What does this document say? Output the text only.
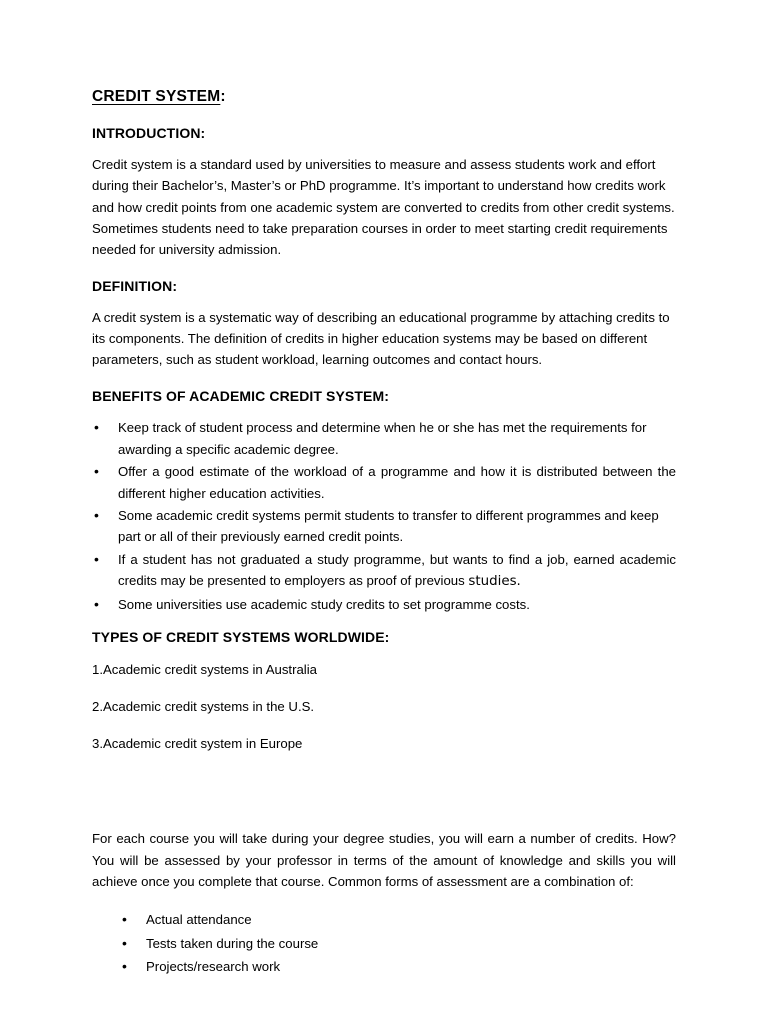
CREDIT SYSTEM:
INTRODUCTION:

Credit system is a standard used by universities to measure and assess students work and effort during their Bachelor’s, Master’s or PhD programme. It’s important to understand how credits work and how credit points from one academic system are converted to credits from other credit systems. Sometimes students need to take preparation courses in order to meet starting credit requirements needed for university admission.

DEFINITION:

A credit system is a systematic way of describing an educational programme by attaching credits to its components. The definition of credits in higher education systems may be based on different parameters, such as student workload, learning outcomes and contact hours.

BENEFITS OF ACADEMIC CREDIT SYSTEM:
• Keep track of student process and determine when he or she has met the requirements for awarding a specific academic degree.
• Offer a good estimate of the workload of a programme and how it is distributed between the different higher education activities.
• Some academic credit systems permit students to transfer to different programmes and keep part or all of their previously earned credit points.
• If a student has not graduated a study programme, but wants to find a job, earned academic credits may be presented to employers as proof of previous studies.
• Some universities use academic study credits to set programme costs.
TYPES OF CREDIT SYSTEMS WORLDWIDE:
1.Academic credit systems in Australia
2.Academic credit systems in the U.S.
3.Academic credit system in Europe

For each course you will take during your degree studies, you will earn a number of credits. How? You will be assessed by your professor in terms of the amount of knowledge and skills you will achieve once you complete that course. Common forms of assessment are a combination of:

• Actual attendance
• Tests taken during the course
• Projects/research work
